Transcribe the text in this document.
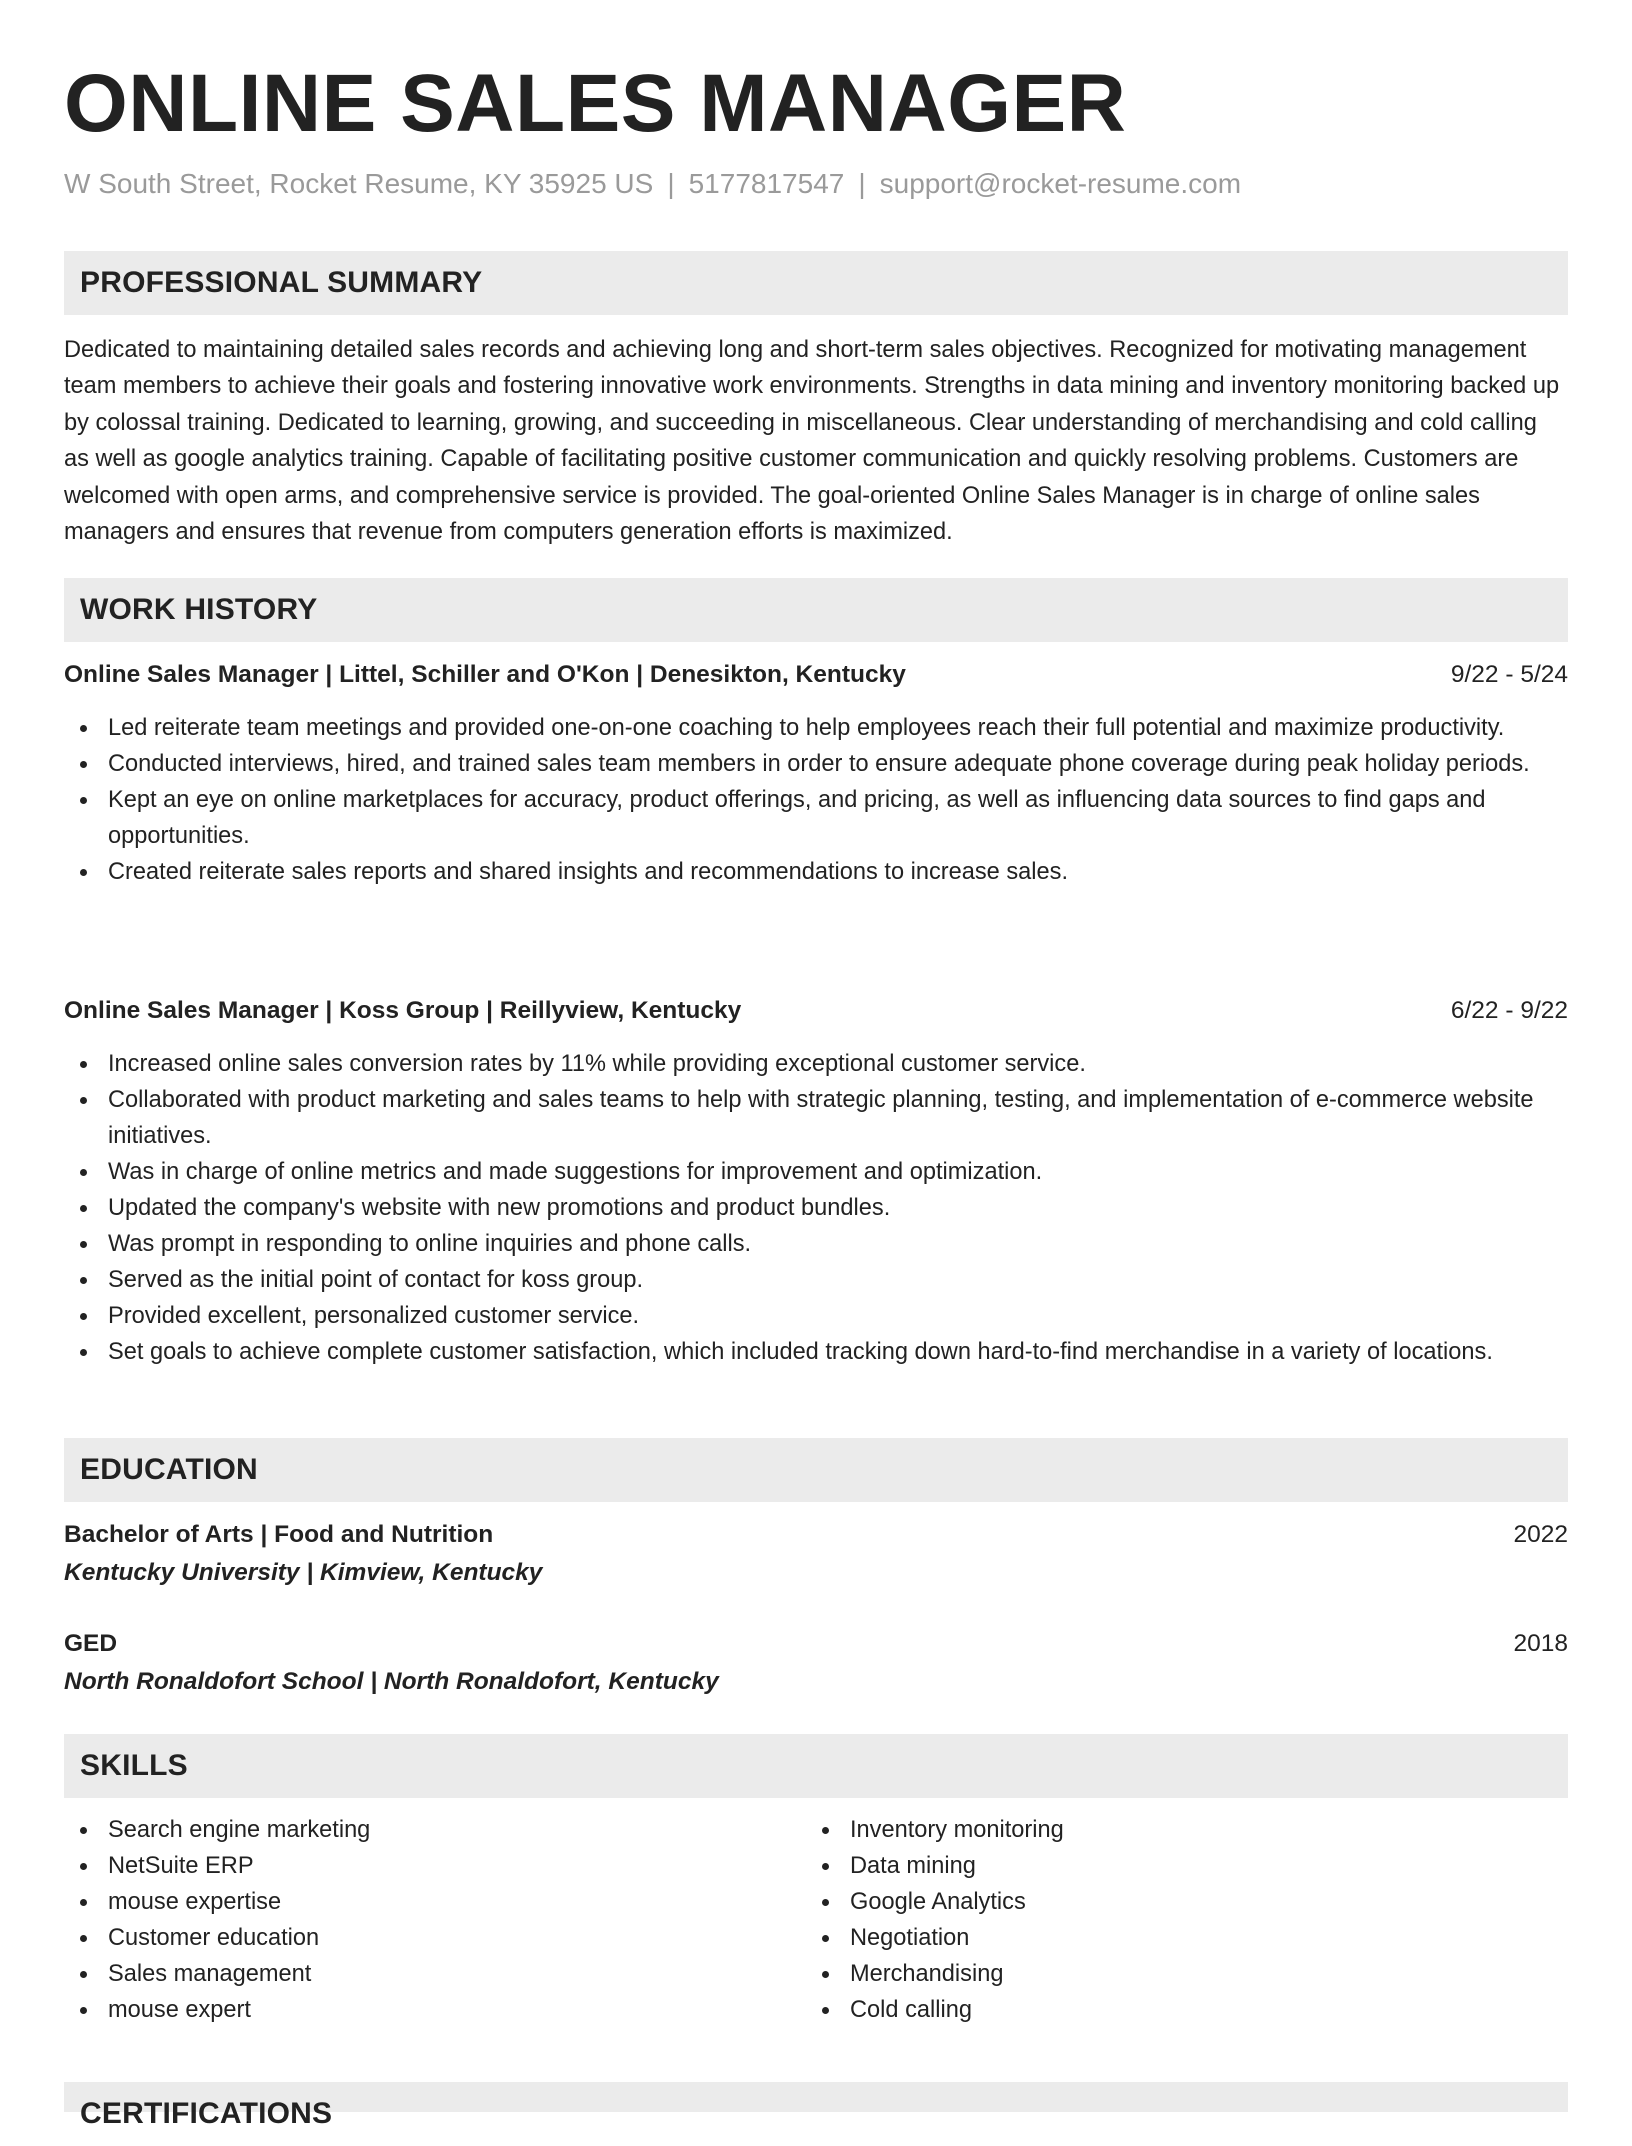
ONLINE SALES MANAGER
W South Street, Rocket Resume, KY 35925 US | 5177817547 | support@rocket-resume.com
PROFESSIONAL SUMMARY

Dedicated to maintaining detailed sales records and achieving long and short-term sales objectives. Recognized for motivating management team members to achieve their goals and fostering innovative work environments. Strengths in data mining and inventory monitoring backed up by colossal training. Dedicated to learning, growing, and succeeding in miscellaneous. Clear understanding of merchandising and cold calling as well as google analytics training. Capable of facilitating positive customer communication and quickly resolving problems. Customers are welcomed with open arms, and comprehensive service is provided. The goal-oriented Online Sales Manager is in charge of online sales managers and ensures that revenue from computers generation efforts is maximized.

WORK HISTORY
Online Sales Manager | Littel, Schiller and O'Kon | Denesikton, Kentucky	9/22 - 5/24
Led reiterate team meetings and provided one-on-one coaching to help employees reach their full potential and maximize productivity.
Conducted interviews, hired, and trained sales team members in order to ensure adequate phone coverage during peak holiday periods.
Kept an eye on online marketplaces for accuracy, product offerings, and pricing, as well as influencing data sources to find gaps and opportunities.
Created reiterate sales reports and shared insights and recommendations to increase sales.
Online Sales Manager | Koss Group | Reillyview, Kentucky	6/22 - 9/22
Increased online sales conversion rates by 11% while providing exceptional customer service.
Collaborated with product marketing and sales teams to help with strategic planning, testing, and implementation of e-commerce website initiatives.
Was in charge of online metrics and made suggestions for improvement and optimization.
Updated the company's website with new promotions and product bundles.
Was prompt in responding to online inquiries and phone calls.
Served as the initial point of contact for koss group.
Provided excellent, personalized customer service.
Set goals to achieve complete customer satisfaction, which included tracking down hard-to-find merchandise in a variety of locations.
EDUCATION
Bachelor of Arts | Food and Nutrition	2022
Kentucky University | Kimview, Kentucky
GED	2018
North Ronaldofort School | North Ronaldofort, Kentucky
SKILLS
Search engine marketing
NetSuite ERP
mouse expertise
Customer education
Sales management
mouse expert
Inventory monitoring
Data mining
Google Analytics
Negotiation
Merchandising
Cold calling
CERTIFICATIONS
